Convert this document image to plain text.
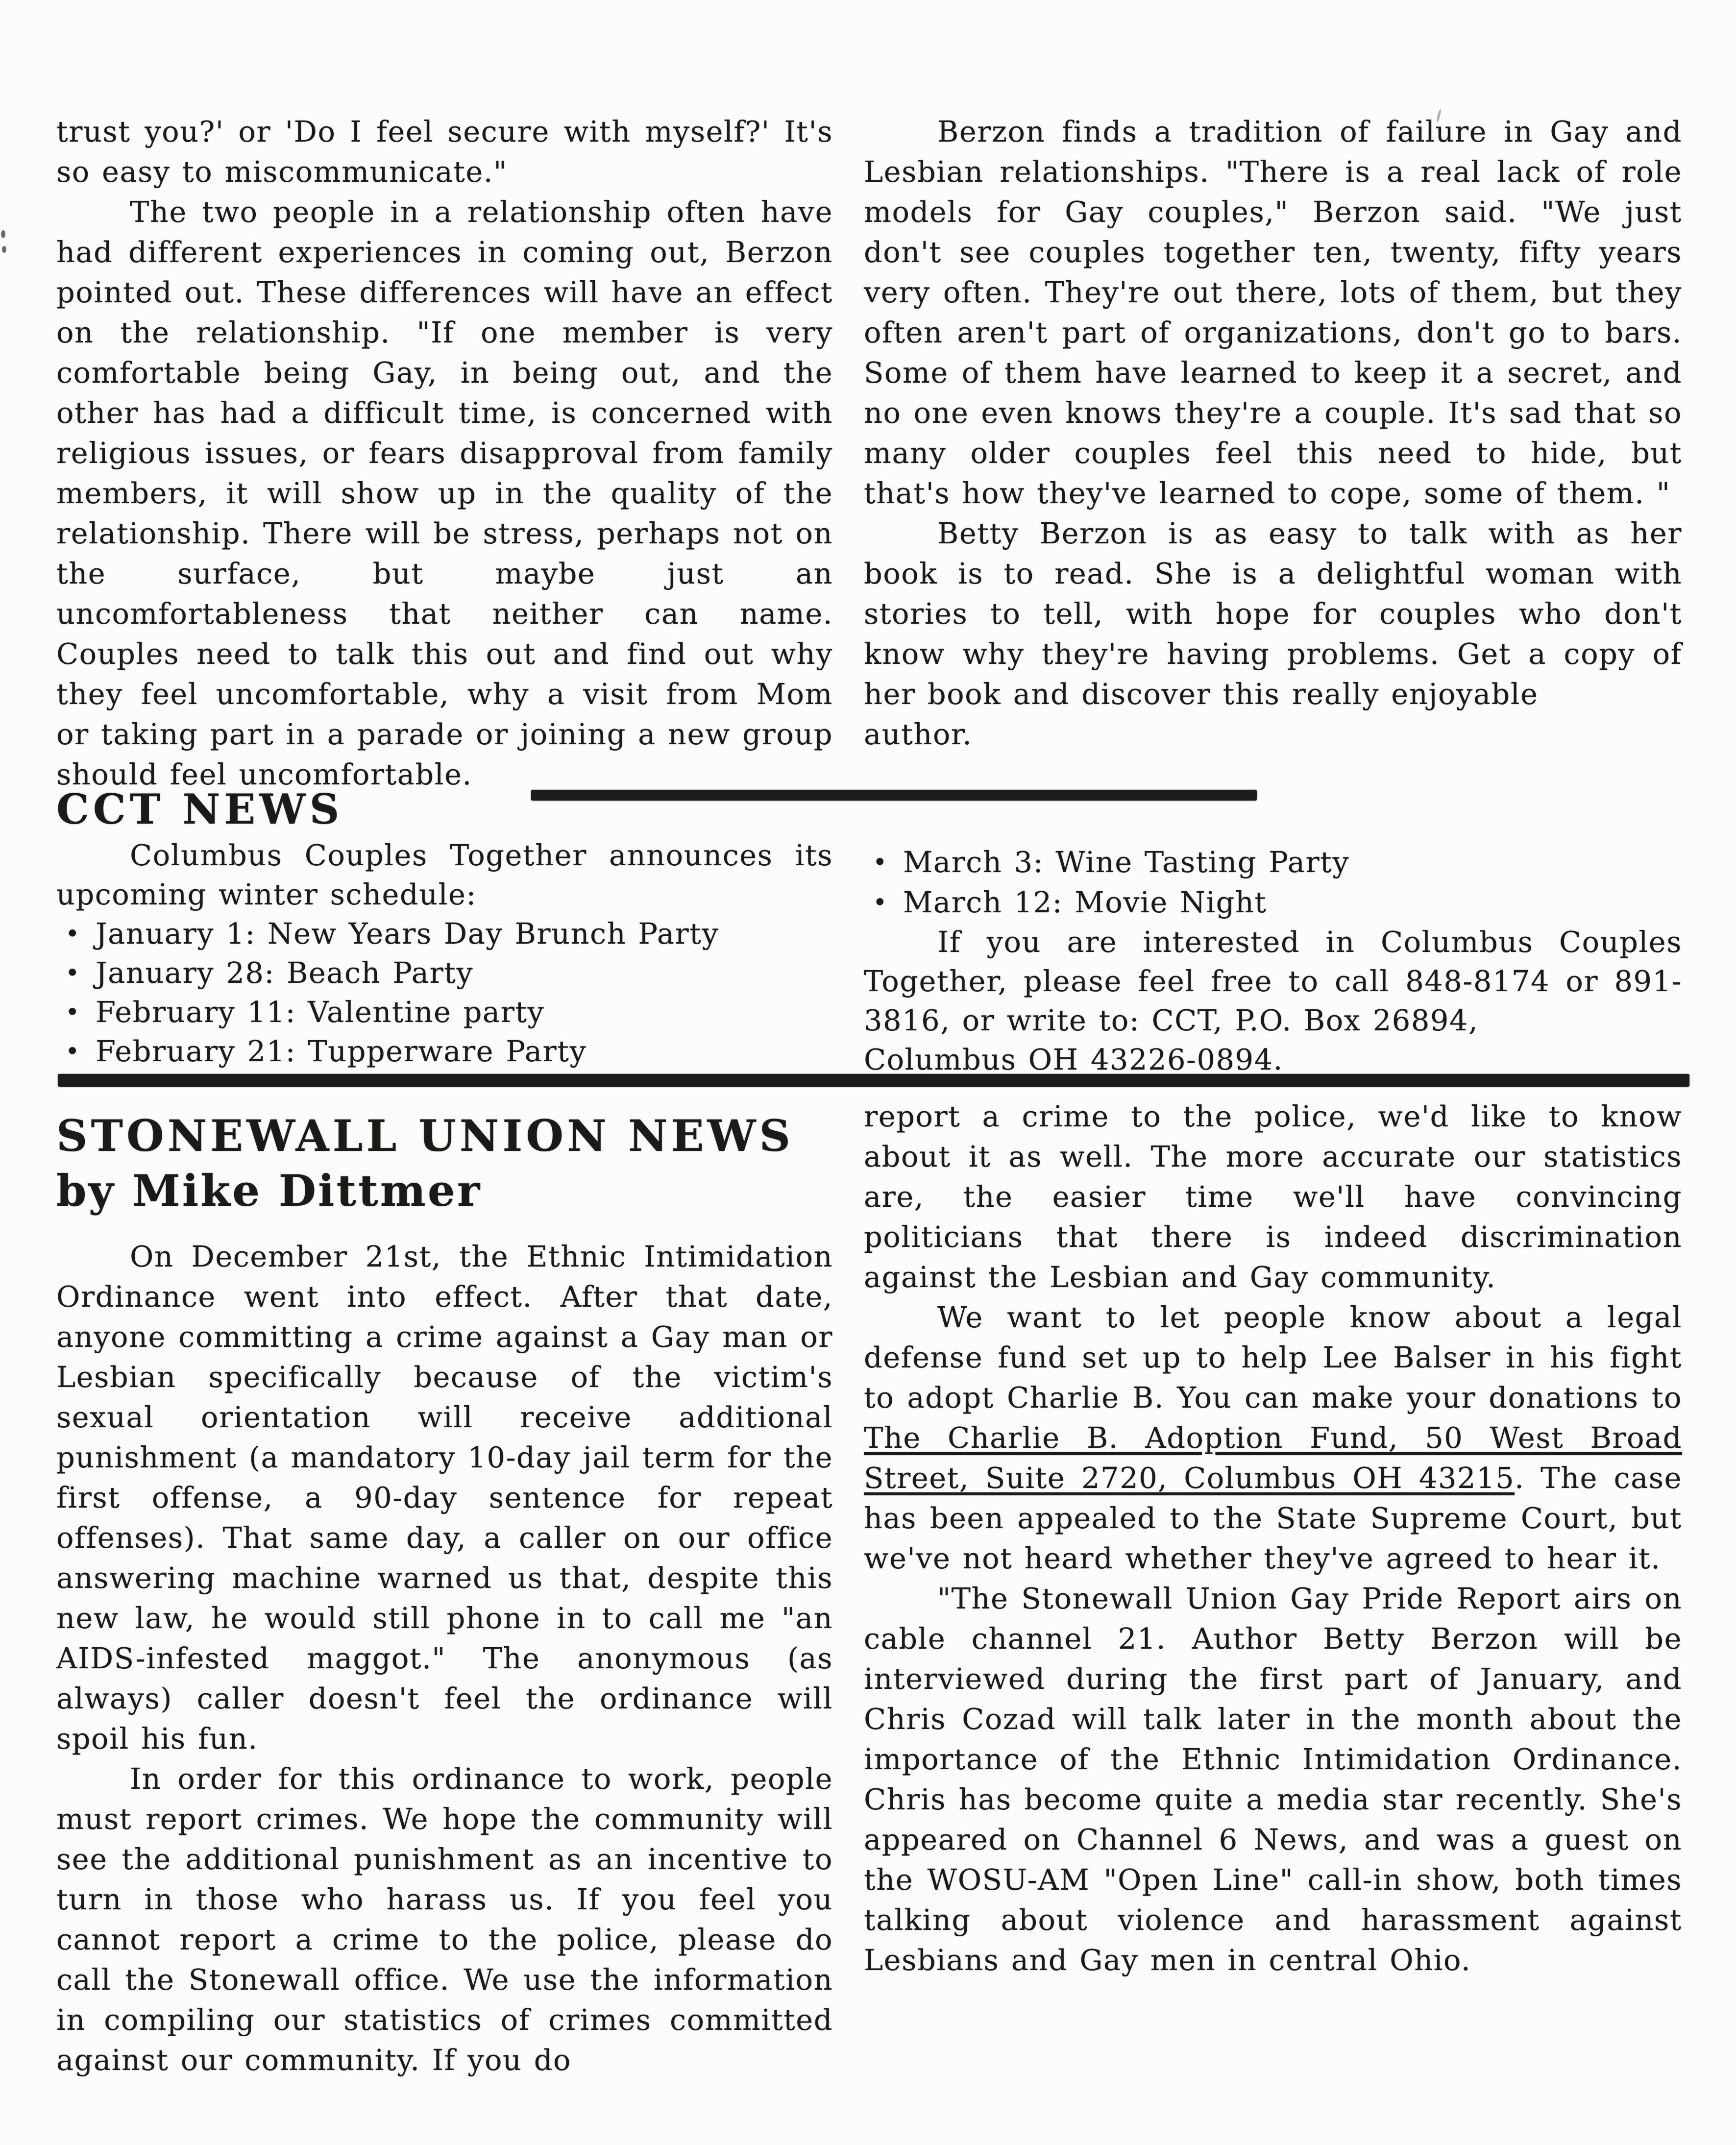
trust you?' or 'Do I feel secure with myself?' It's so easy to miscommunicate."

The two people in a relationship often have had different experiences in coming out, Berzon pointed out. These differences will have an effect on the relationship. "If one member is very comfortable being Gay, in being out, and the other has had a difficult time, is concerned with religious issues, or fears disapproval from family members, it will show up in the quality of the relationship. There will be stress, perhaps not on the surface, but maybe just an uncomfortableness that neither can name. Couples need to talk this out and find out why they feel uncomfortable, why a visit from Mom or taking part in a parade or joining a new group should feel uncomfortable.

CCT NEWS

Columbus Couples Together announces its upcoming winter schedule:

• January 1: New Years Day Brunch Party
• January 28: Beach Party
• February 11: Valentine party
• February 21: Tupperware Party
STONEWALL UNION NEWS
by Mike Dittmer

On December 21st, the Ethnic Intimidation Ordinance went into effect. After that date, anyone committing a crime against a Gay man or Lesbian specifically because of the victim's sexual orientation will receive additional punishment (a mandatory 10-day jail term for the first offense, a 90-day sentence for repeat offenses). That same day, a caller on our office answering machine warned us that, despite this new law, he would still phone in to call me "an AIDS-infested maggot." The anonymous (as always) caller doesn't feel the ordinance will spoil his fun.

In order for this ordinance to work, people must report crimes. We hope the community will see the additional punishment as an incentive to turn in those who harass us. If you feel you cannot report a crime to the police, please do call the Stonewall office. We use the information in compiling our statistics of crimes committed against our community. If you do

Berzon finds a tradition of failure in Gay and Lesbian relationships. "There is a real lack of role models for Gay couples," Berzon said. "We just don't see couples together ten, twenty, fifty years very often. They're out there, lots of them, but they often aren't part of organizations, don't go to bars. Some of them have learned to keep it a secret, and no one even knows they're a couple. It's sad that so many older couples feel this need to hide, but that's how they've learned to cope, some of them. "

Betty Berzon is as easy to talk with as her book is to read. She is a delightful woman with stories to tell, with hope for couples who don't know why they're having problems. Get a copy of her book and discover this really enjoyable

author.
• March 3: Wine Tasting Party
• March 12: Movie Night

If you are interested in Columbus Couples Together, please feel free to call 848-8174 or 891-3816, or write to: CCT, P.O. Box 26894,

Columbus OH 43226-0894.

report a crime to the police, we'd like to know about it as well. The more accurate our statistics are, the easier time we'll have convincing politicians that there is indeed discrimination against the Lesbian and Gay community.

We want to let people know about a legal defense fund set up to help Lee Balser in his fight to adopt Charlie B. You can make your donations to The Charlie B. Adoption Fund, 50 West Broad Street, Suite 2720, Columbus OH 43215. The case has been appealed to the State Supreme Court, but we've not heard whether they've agreed to hear it.

"The Stonewall Union Gay Pride Report airs on cable channel 21. Author Betty Berzon will be interviewed during the first part of January, and Chris Cozad will talk later in the month about the importance of the Ethnic Intimidation Ordinance. Chris has become quite a media star recently. She's appeared on Channel 6 News, and was a guest on the WOSU-AM "Open Line" call-in show, both times talking about violence and harassment against Lesbians and Gay men in central Ohio.
